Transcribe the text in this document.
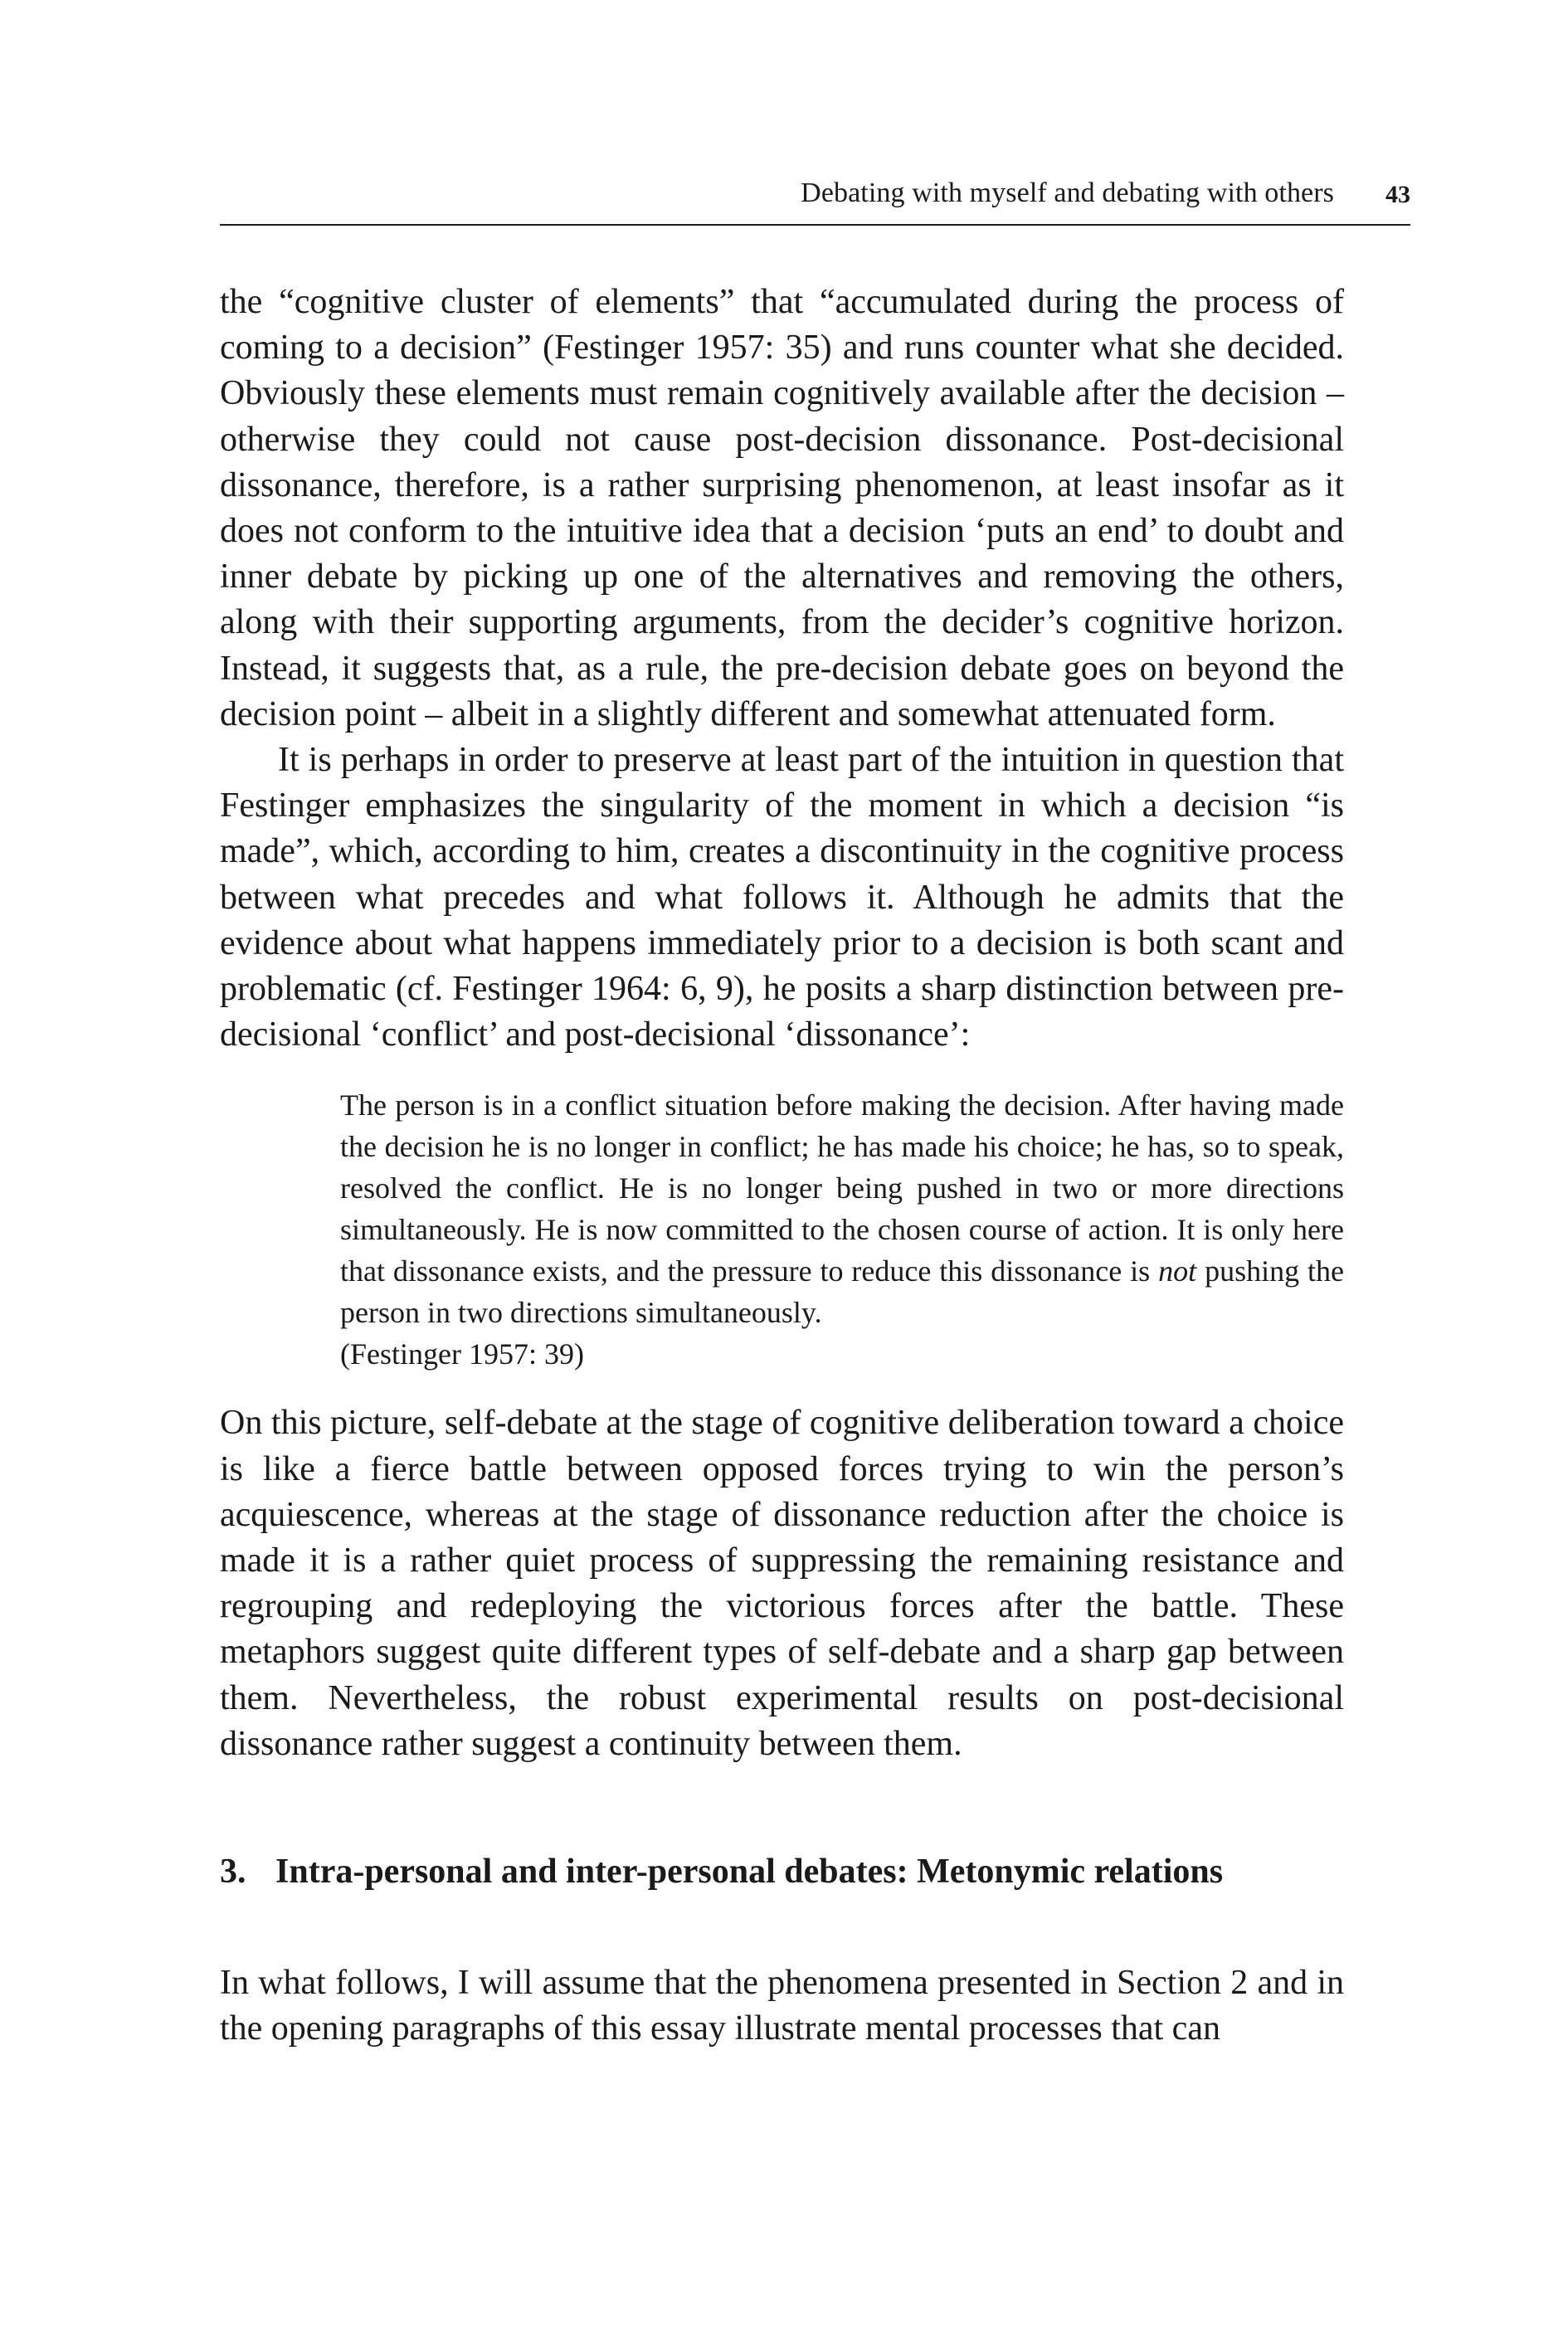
Debating with myself and debating with others 43

the “cognitive cluster of elements” that “accumulated during the process of coming to a decision” (Festinger 1957: 35) and runs counter what she decided. Obviously these elements must remain cognitively available after the decision – otherwise they could not cause post-decision dissonance. Post-decisional dissonance, therefore, is a rather surprising phenomenon, at least insofar as it does not conform to the intuitive idea that a decision ‘puts an end’ to doubt and inner debate by picking up one of the alternatives and removing the others, along with their supporting arguments, from the decider’s cognitive horizon. Instead, it suggests that, as a rule, the pre-decision debate goes on beyond the decision point – albeit in a slightly different and somewhat attenuated form.

It is perhaps in order to preserve at least part of the intuition in question that Festinger emphasizes the singularity of the moment in which a decision “is made”, which, according to him, creates a discontinuity in the cognitive process between what precedes and what follows it. Although he admits that the evidence about what happens immediately prior to a decision is both scant and problematic (cf. Festinger 1964: 6, 9), he posits a sharp distinction between pre-decisional ‘conflict’ and post-decisional ‘dissonance’:

The person is in a conflict situation before making the decision. After having made the decision he is no longer in conflict; he has made his choice; he has, so to speak, resolved the conflict. He is no longer being pushed in two or more directions simultaneously. He is now committed to the chosen course of action. It is only here that dissonance exists, and the pressure to reduce this dissonance is not pushing the person in two directions simultaneously.
(Festinger 1957: 39)

On this picture, self-debate at the stage of cognitive deliberation toward a choice is like a fierce battle between opposed forces trying to win the person’s acquiescence, whereas at the stage of dissonance reduction after the choice is made it is a rather quiet process of suppressing the remaining resistance and regrouping and redeploying the victorious forces after the battle. These metaphors suggest quite different types of self-debate and a sharp gap between them. Nevertheless, the robust experimental results on post-decisional dissonance rather suggest a continuity between them.

3. Intra-personal and inter-personal debates: Metonymic relations

In what follows, I will assume that the phenomena presented in Section 2 and in the opening paragraphs of this essay illustrate mental processes that can
